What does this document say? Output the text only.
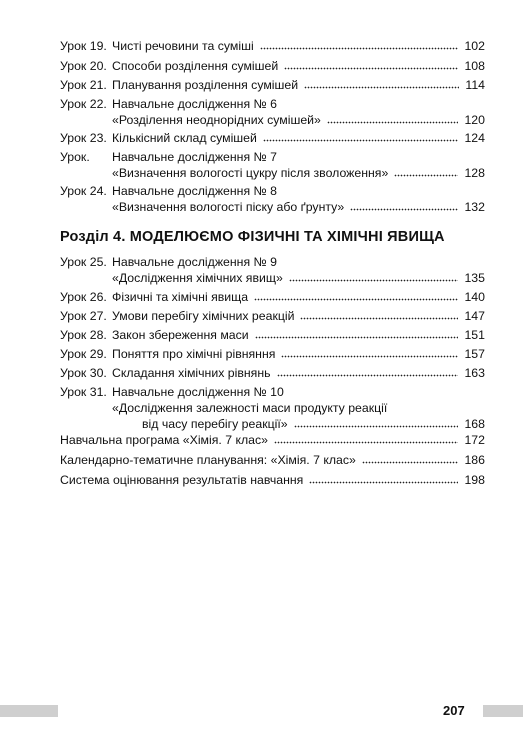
Урок 19. Чисті речовини та суміші	102
Урок 20. Способи розділення сумішей	108
Урок 21. Планування розділення сумішей	114
Урок 22. Навчальне дослідження № 6
«Розділення неоднорідних сумішей»	120
Урок 23. Кількісний склад сумішей	124
Урок.	Навчальне дослідження № 7
«Визначення вологості цукру після зволоження»	128
Урок 24. Навчальне дослідження № 8
«Визначення вологості піску або ґрунту»	132
Розділ 4. МОДЕЛЮЄМО ФІЗИЧНІ ТА ХІМІЧНІ ЯВИЩА
Урок 25. Навчальне дослідження № 9
«Дослідження хімічних явищ»	135
Урок 26. Фізичні та хімічні явища	140
Урок 27. Умови перебігу хімічних реакцій	147
Урок 28. Закон збереження маси	151
Урок 29. Поняття про хімічні рівняння	157
Урок 30. Складання хімічних рівнянь	163
Урок 31. Навчальне дослідження № 10
«Дослідження залежності маси продукту реакції
від часу перебігу реакції»	168
Навчальна програма «Хімія. 7 клас»	172
Календарно-тематичне планування: «Хімія. 7 клас»	186
Система оцінювання результатів навчання	198
207
